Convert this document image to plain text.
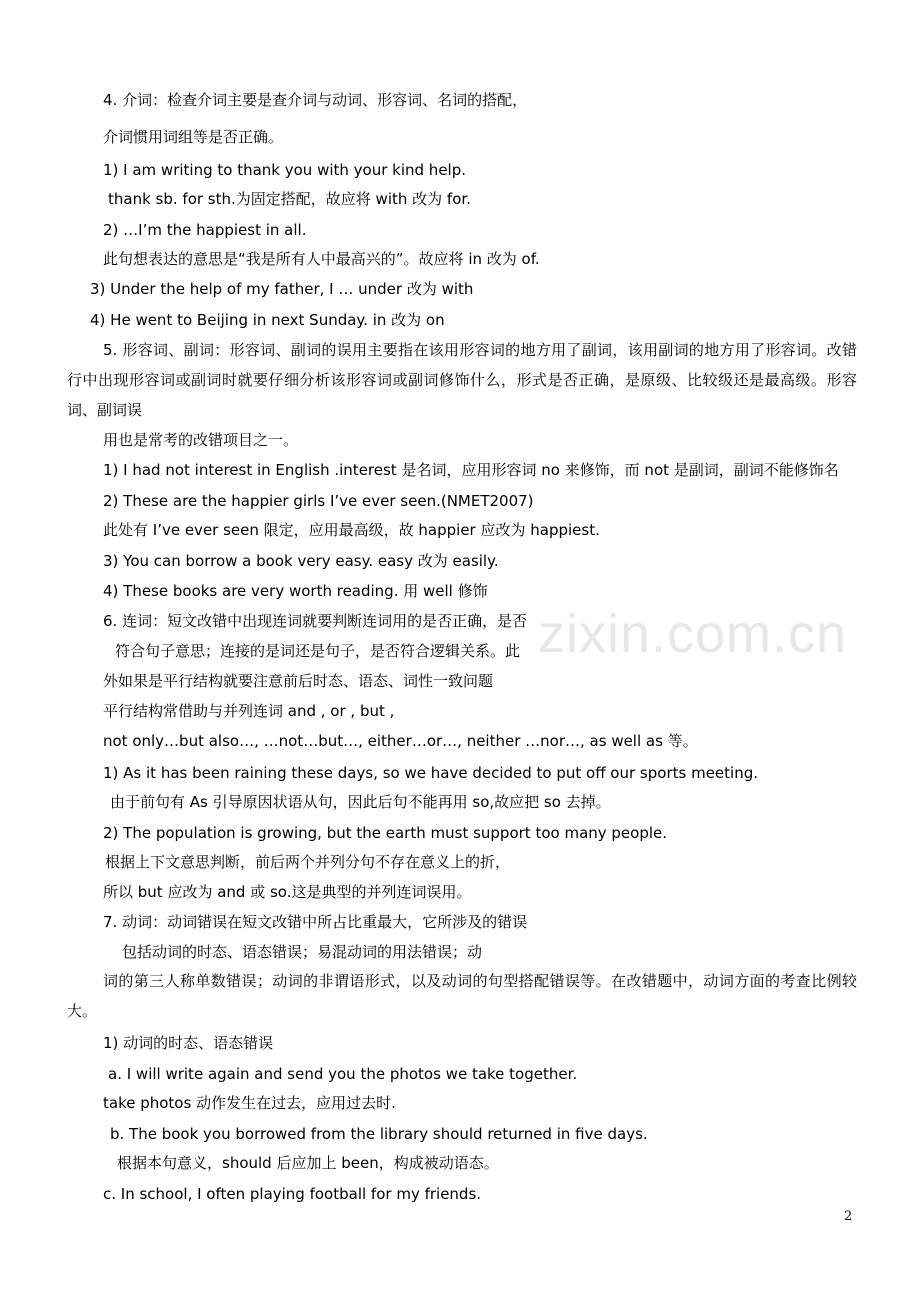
zixin.com.cn
4. 介词：检查介词主要是查介词与动词、形容词、名词的搭配，
介词惯用词组等是否正确。
1) I am writing to thank you with your kind help.
thank sb. for sth.为固定搭配，故应将 with 改为 for.
2) …I’m the happiest in all.
此句想表达的意思是“我是所有人中最高兴的”。故应将 in 改为 of.
3) Under the help of my father, I … under 改为 with
4) He went to Beijing in next Sunday. in 改为 on
5. 形容词、副词：形容词、副词的误用主要指在该用形容词的地方用了副词，该用副词的地方用了形容词。改错行中出现形容词或副词时就要仔细分析该形容词或副词修饰什么，形式是否正确，是原级、比较级还是最高级。形容词、副词误
用也是常考的改错项目之一。
1) I had not interest in English .interest 是名词，应用形容词 no 来修饰，而 not 是副词，副词不能修饰名
2) These are the happier girls I’ve ever seen.(NMET2007)
此处有 I’ve ever seen 限定，应用最高级，故 happier 应改为 happiest.
3) You can borrow a book very easy. easy 改为 easily.
4) These books are very worth reading. 用 well 修饰
6. 连词：短文改错中出现连词就要判断连词用的是否正确，是否
符合句子意思；连接的是词还是句子，是否符合逻辑关系。此
外如果是平行结构就要注意前后时态、语态、词性一致问题
平行结构常借助与并列连词 and , or , but ,
not only…but also…, …not…but…, either…or…, neither …nor…, as well as 等。
1) As it has been raining these days, so we have decided to put off our sports meeting.
由于前句有 As 引导原因状语从句，因此后句不能再用 so,故应把 so 去掉。
2) The population is growing, but the earth must support too many people.
根据上下文意思判断，前后两个并列分句不存在意义上的折，
所以 but 应改为 and 或 so.这是典型的并列连词误用。
7. 动词：动词错误在短文改错中所占比重最大，它所涉及的错误
包括动词的时态、语态错误；易混动词的用法错误；动
词的第三人称单数错误；动词的非谓语形式，以及动词的句型搭配错误等。在改错题中，动词方面的考查比例较大。
1) 动词的时态、语态错误
a. I will write again and send you the photos we take together.
take photos 动作发生在过去，应用过去时.
b. The book you borrowed from the library should returned in five days.
根据本句意义，should 后应加上 been，构成被动语态。
c. In school, I often playing football for my friends.
2
